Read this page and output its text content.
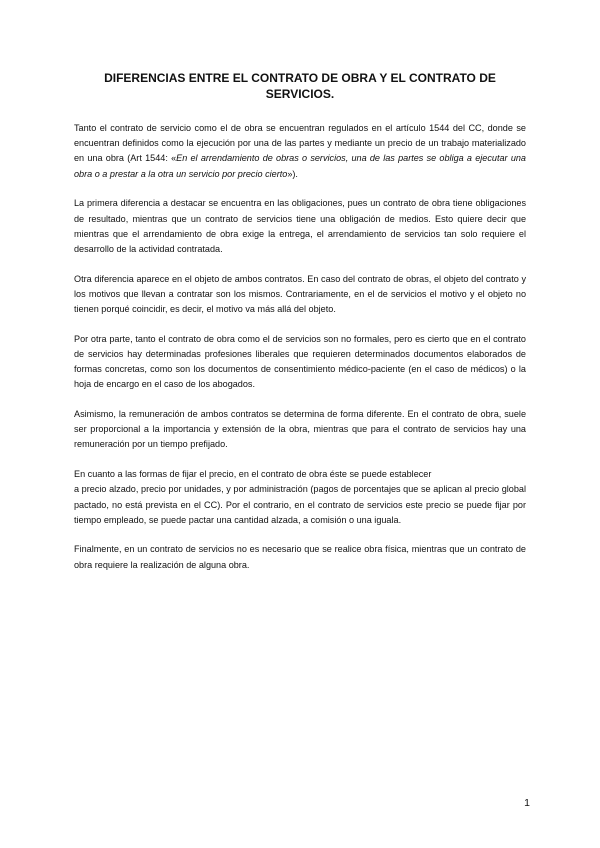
DIFERENCIAS ENTRE EL CONTRATO DE OBRA Y EL CONTRATO DE SERVICIOS.

Tanto el contrato de servicio como el de obra se encuentran regulados en el artículo 1544 del CC, donde se encuentran definidos como la ejecución por una de las partes y mediante un precio de un trabajo materializado en una obra (Art 1544: «En el arrendamiento de obras o servicios, una de las partes se obliga a ejecutar una obra o a prestar a la otra un servicio por precio cierto»).

La primera diferencia a destacar se encuentra en las obligaciones, pues un contrato de obra tiene obligaciones de resultado, mientras que un contrato de servicios tiene una obligación de medios. Esto quiere decir que mientras que el arrendamiento de obra exige la entrega, el arrendamiento de servicios tan solo requiere el desarrollo de la actividad contratada.

Otra diferencia aparece en el objeto de ambos contratos. En caso del contrato de obras, el objeto del contrato y los motivos que llevan a contratar son los mismos. Contrariamente, en el de servicios el motivo y el objeto no tienen porqué coincidir, es decir, el motivo va más allá del objeto.

Por otra parte, tanto el contrato de obra como el de servicios son no formales, pero es cierto que en el contrato de servicios hay determinadas profesiones liberales que requieren determinados documentos elaborados de formas concretas, como son los documentos de consentimiento médico-paciente (en el caso de médicos) o la hoja de encargo en el caso de los abogados.

Asimismo, la remuneración de ambos contratos se determina de forma diferente. En el contrato de obra, suele ser proporcional a la importancia y extensión de la obra, mientras que para el contrato de servicios hay una remuneración por un tiempo prefijado.

En cuanto a las formas de fijar el precio, en el contrato de obra éste se puede establecer
a precio alzado, precio por unidades, y por administración (pagos de porcentajes que se aplican al precio global pactado, no está prevista en el CC). Por el contrario, en el contrato de servicios este precio se puede fijar por tiempo empleado, se puede pactar una cantidad alzada, a comisión o una iguala.

Finalmente, en un contrato de servicios no es necesario que se realice obra física, mientras que un contrato de obra requiere la realización de alguna obra.

1
